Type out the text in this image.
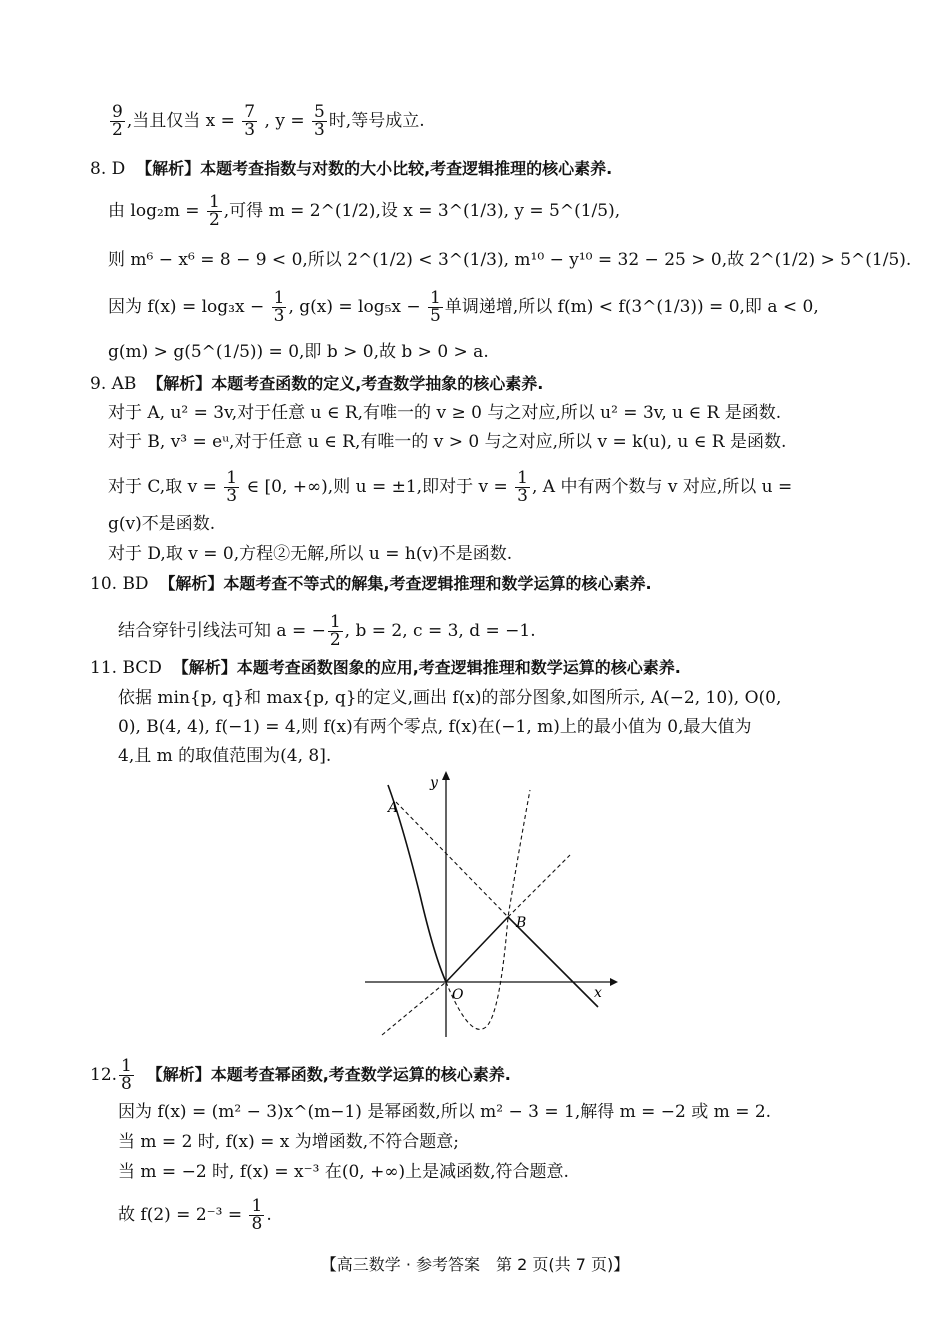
$\frac{9}{2}$ ,当且仅当 $x = \frac{7}{3}$ , $y = \frac{5}{3}$ 时,等号成立.
8. D 【解析】本题考查指数与对数的大小比较,考查逻辑推理的核心素养.
由 $\log_2m = \frac{1}{2}$ ,可得 m = 2^(1/2),设 x = 3^(1/3), y = 5^(1/5),
则 m⁶ − x⁶ = 8 − 9 < 0,所以 2^(1/2) < 3^(1/3), m¹⁰ − y¹⁰ = 32 − 25 > 0,故 2^(1/2) > 5^(1/5).
因为 $f(x) = \log_3x - \frac{1}{3}$ , $g(x) = \log_5x - \frac{1}{5}$ 单调递增,所以 f(m) < f(3^(1/3)) = 0,即 a < 0,
g(m) > g(5^(1/5)) = 0,即 b > 0,故 b > 0 > a.
9. AB 【解析】本题考查函数的定义,考查数学抽象的核心素养.
对于 A, u² = 3v,对于任意 u ∈ R,有唯一的 v ≥ 0 与之对应,所以 u² = 3v, u ∈ R 是函数.
对于 B, v³ = eᵘ,对于任意 u ∈ R,有唯一的 v > 0 与之对应,所以 v = k(u), u ∈ R 是函数.
对于 C,取 $v = \frac{1}{3}$ ∈ [0, +∞),则 u = ±1,即对于 $v = \frac{1}{3}$ , A 中有两个数与 v 对应,所以 u =
g(v)不是函数.
对于 D,取 v = 0,方程②无解,所以 u = h(v)不是函数.
10. BD 【解析】本题考查不等式的解集,考查逻辑推理和数学运算的核心素养.
结合穿针引线法可知 a = − $\frac{1}{2}$ , b = 2, c = 3, d = −1.
11. BCD 【解析】本题考查函数图象的应用,考查逻辑推理和数学运算的核心素养.
依据 min{p, q}和 max{p, q}的定义,画出 f(x)的部分图象,如图所示, A(−2, 10), O(0,
0), B(4, 4), f(−1) = 4,则 f(x)有两个零点, f(x)在(−1, m)上的最小值为 0,最大值为
4,且 m 的取值范围为(4, 8].
y
x
A
B
O
12. $\frac{1}{8}$ 【解析】本题考查幂函数,考查数学运算的核心素养.
因为 f(x) = (m² − 3)x^(m−1) 是幂函数,所以 m² − 3 = 1,解得 m = −2 或 m = 2.
当 m = 2 时, f(x) = x 为增函数,不符合题意;
当 m = −2 时, f(x) = x⁻³ 在(0, +∞)上是减函数,符合题意.
故 $f(2) = 2^{-3} = \frac{1}{8}$ .
【高三数学 · 参考答案　第 2 页(共 7 页)】
